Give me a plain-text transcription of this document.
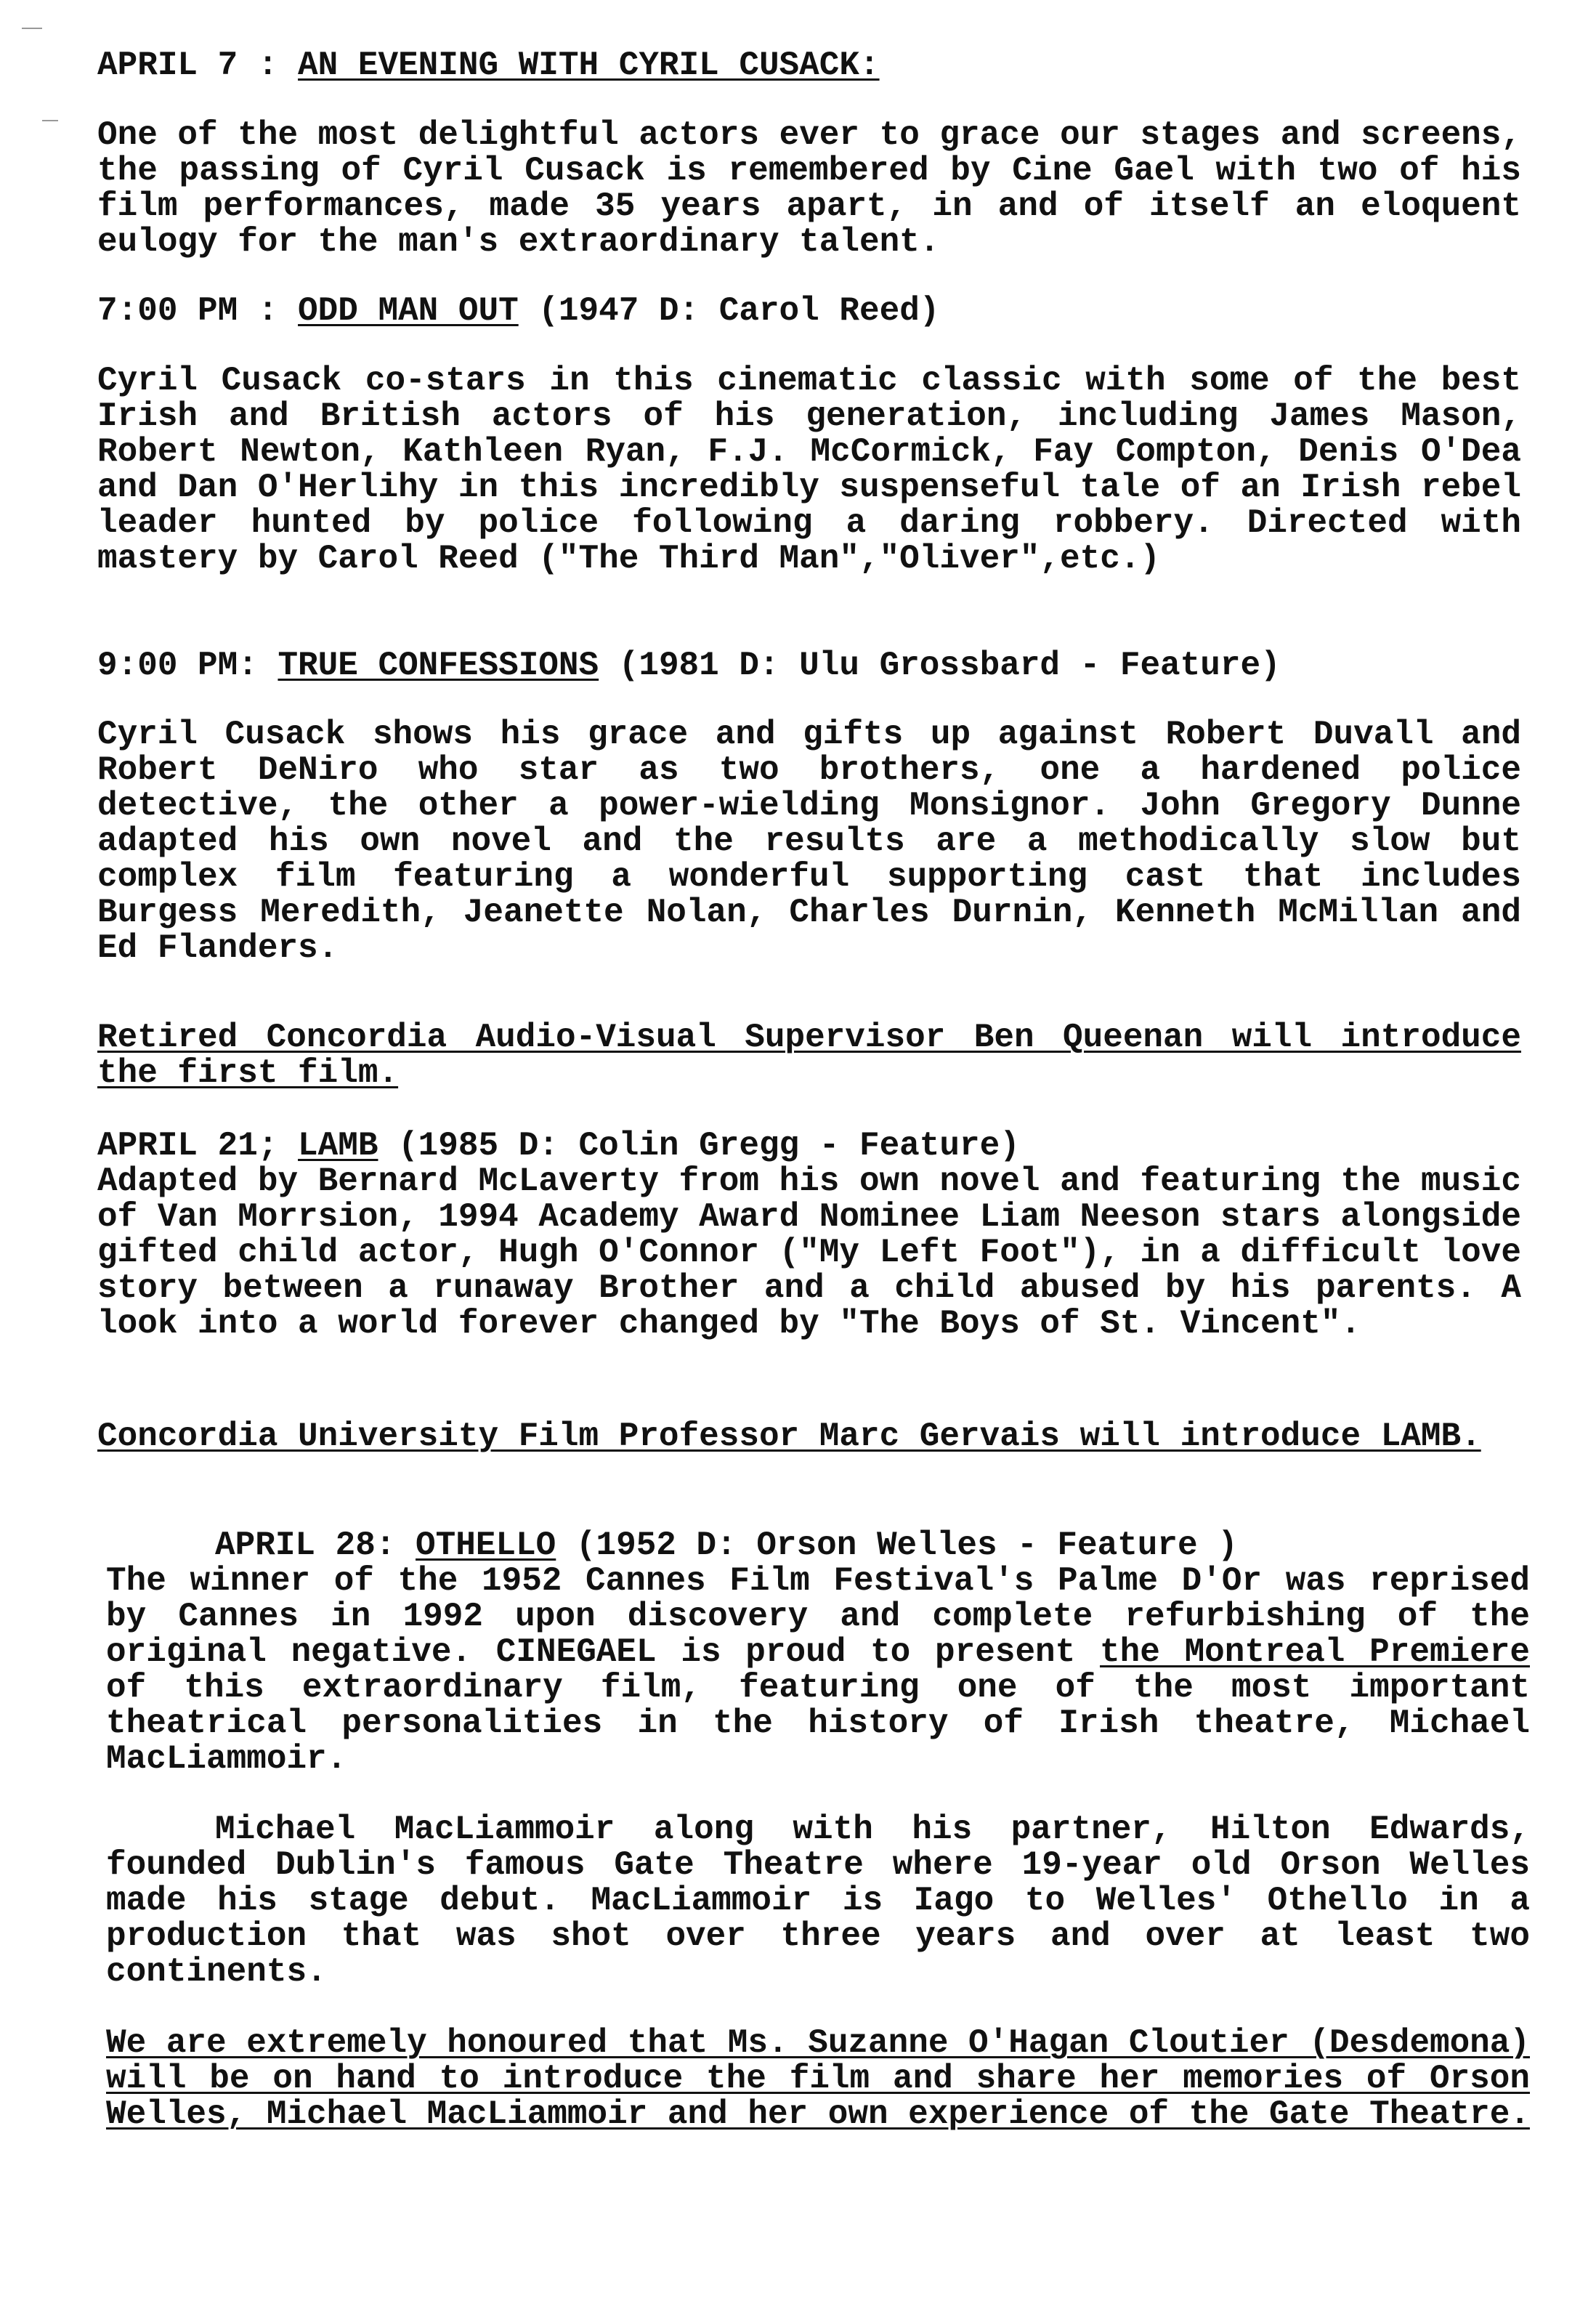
APRIL 7 : AN EVENING WITH CYRIL CUSACK:
One of the most delightful actors ever to grace our stages and screens, the passing of Cyril Cusack is remembered by Cine Gael with two of his film performances, made 35 years apart, in and of itself an eloquent eulogy for the man's extraordinary talent.
7:00 PM : ODD MAN OUT (1947 D: Carol Reed)
Cyril Cusack co-stars in this cinematic classic with some of the best Irish and British actors of his generation, including James Mason, Robert Newton, Kathleen Ryan, F.J. McCormick, Fay Compton, Denis O'Dea and Dan O'Herlihy in this incredibly suspenseful tale of an Irish rebel leader hunted by police following a daring robbery. Directed with mastery by Carol Reed ("The Third Man","Oliver",etc.)
9:00 PM: TRUE CONFESSIONS (1981 D: Ulu Grossbard - Feature)
Cyril Cusack shows his grace and gifts up against Robert Duvall and Robert DeNiro who star as two brothers, one a hardened police detective, the other a power-wielding Monsignor. John Gregory Dunne adapted his own novel and the results are a methodically slow but complex film featuring a wonderful supporting cast that includes Burgess Meredith, Jeanette Nolan, Charles Durnin, Kenneth McMillan and Ed Flanders.
Retired Concordia Audio-Visual Supervisor Ben Queenan will introduce the first film.
APRIL 21; LAMB (1985 D: Colin Gregg - Feature)
Adapted by Bernard McLaverty from his own novel and featuring the music of Van Morrsion, 1994 Academy Award Nominee Liam Neeson stars alongside gifted child actor, Hugh O'Connor ("My Left Foot"), in a difficult love story between a runaway Brother and a child abused by his parents. A look into a world forever changed by "The Boys of St. Vincent".
Concordia University Film Professor Marc Gervais will introduce LAMB.
APRIL 28: OTHELLO (1952 D: Orson Welles - Feature )
The winner of the 1952 Cannes Film Festival's Palme D'Or was reprised by Cannes in 1992 upon discovery and complete refurbishing of the original negative. CINEGAEL is proud to present the Montreal Premiere of this extraordinary film, featuring one of the most important theatrical personalities in the history of Irish theatre, Michael MacLiammoir.
Michael MacLiammoir along with his partner, Hilton Edwards, founded Dublin's famous Gate Theatre where 19-year old Orson Welles made his stage debut. MacLiammoir is Iago to Welles' Othello in a production that was shot over three years and over at least two continents.
We are extremely honoured that Ms. Suzanne O'Hagan Cloutier (Desdemona) will be on hand to introduce the film and share her memories of Orson Welles, Michael MacLiammoir and her own experience of the Gate Theatre.
